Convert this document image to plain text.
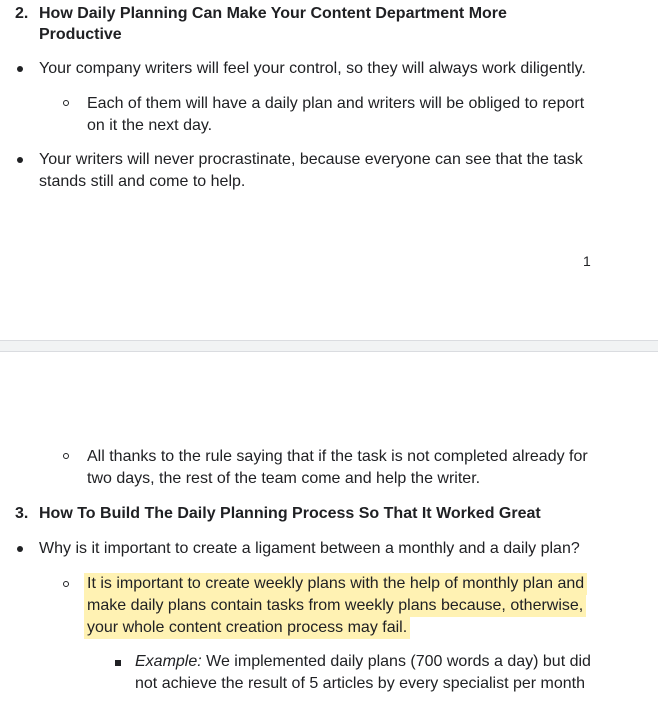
2. How Daily Planning Can Make Your Content Department More Productive
Your company writers will feel your control, so they will always work diligently.
Each of them will have a daily plan and writers will be obliged to report on it the next day.
Your writers will never procrastinate, because everyone can see that the task stands still and come to help.
1
All thanks to the rule saying that if the task is not completed already for two days, the rest of the team come and help the writer.
3. How To Build The Daily Planning Process So That It Worked Great
Why is it important to create a ligament between a monthly and a daily plan?
It is important to create weekly plans with the help of monthly plan and make daily plans contain tasks from weekly plans because, otherwise, your whole content creation process may fail.
Example: We implemented daily plans (700 words a day) but did not achieve the result of 5 articles by every specialist per month
